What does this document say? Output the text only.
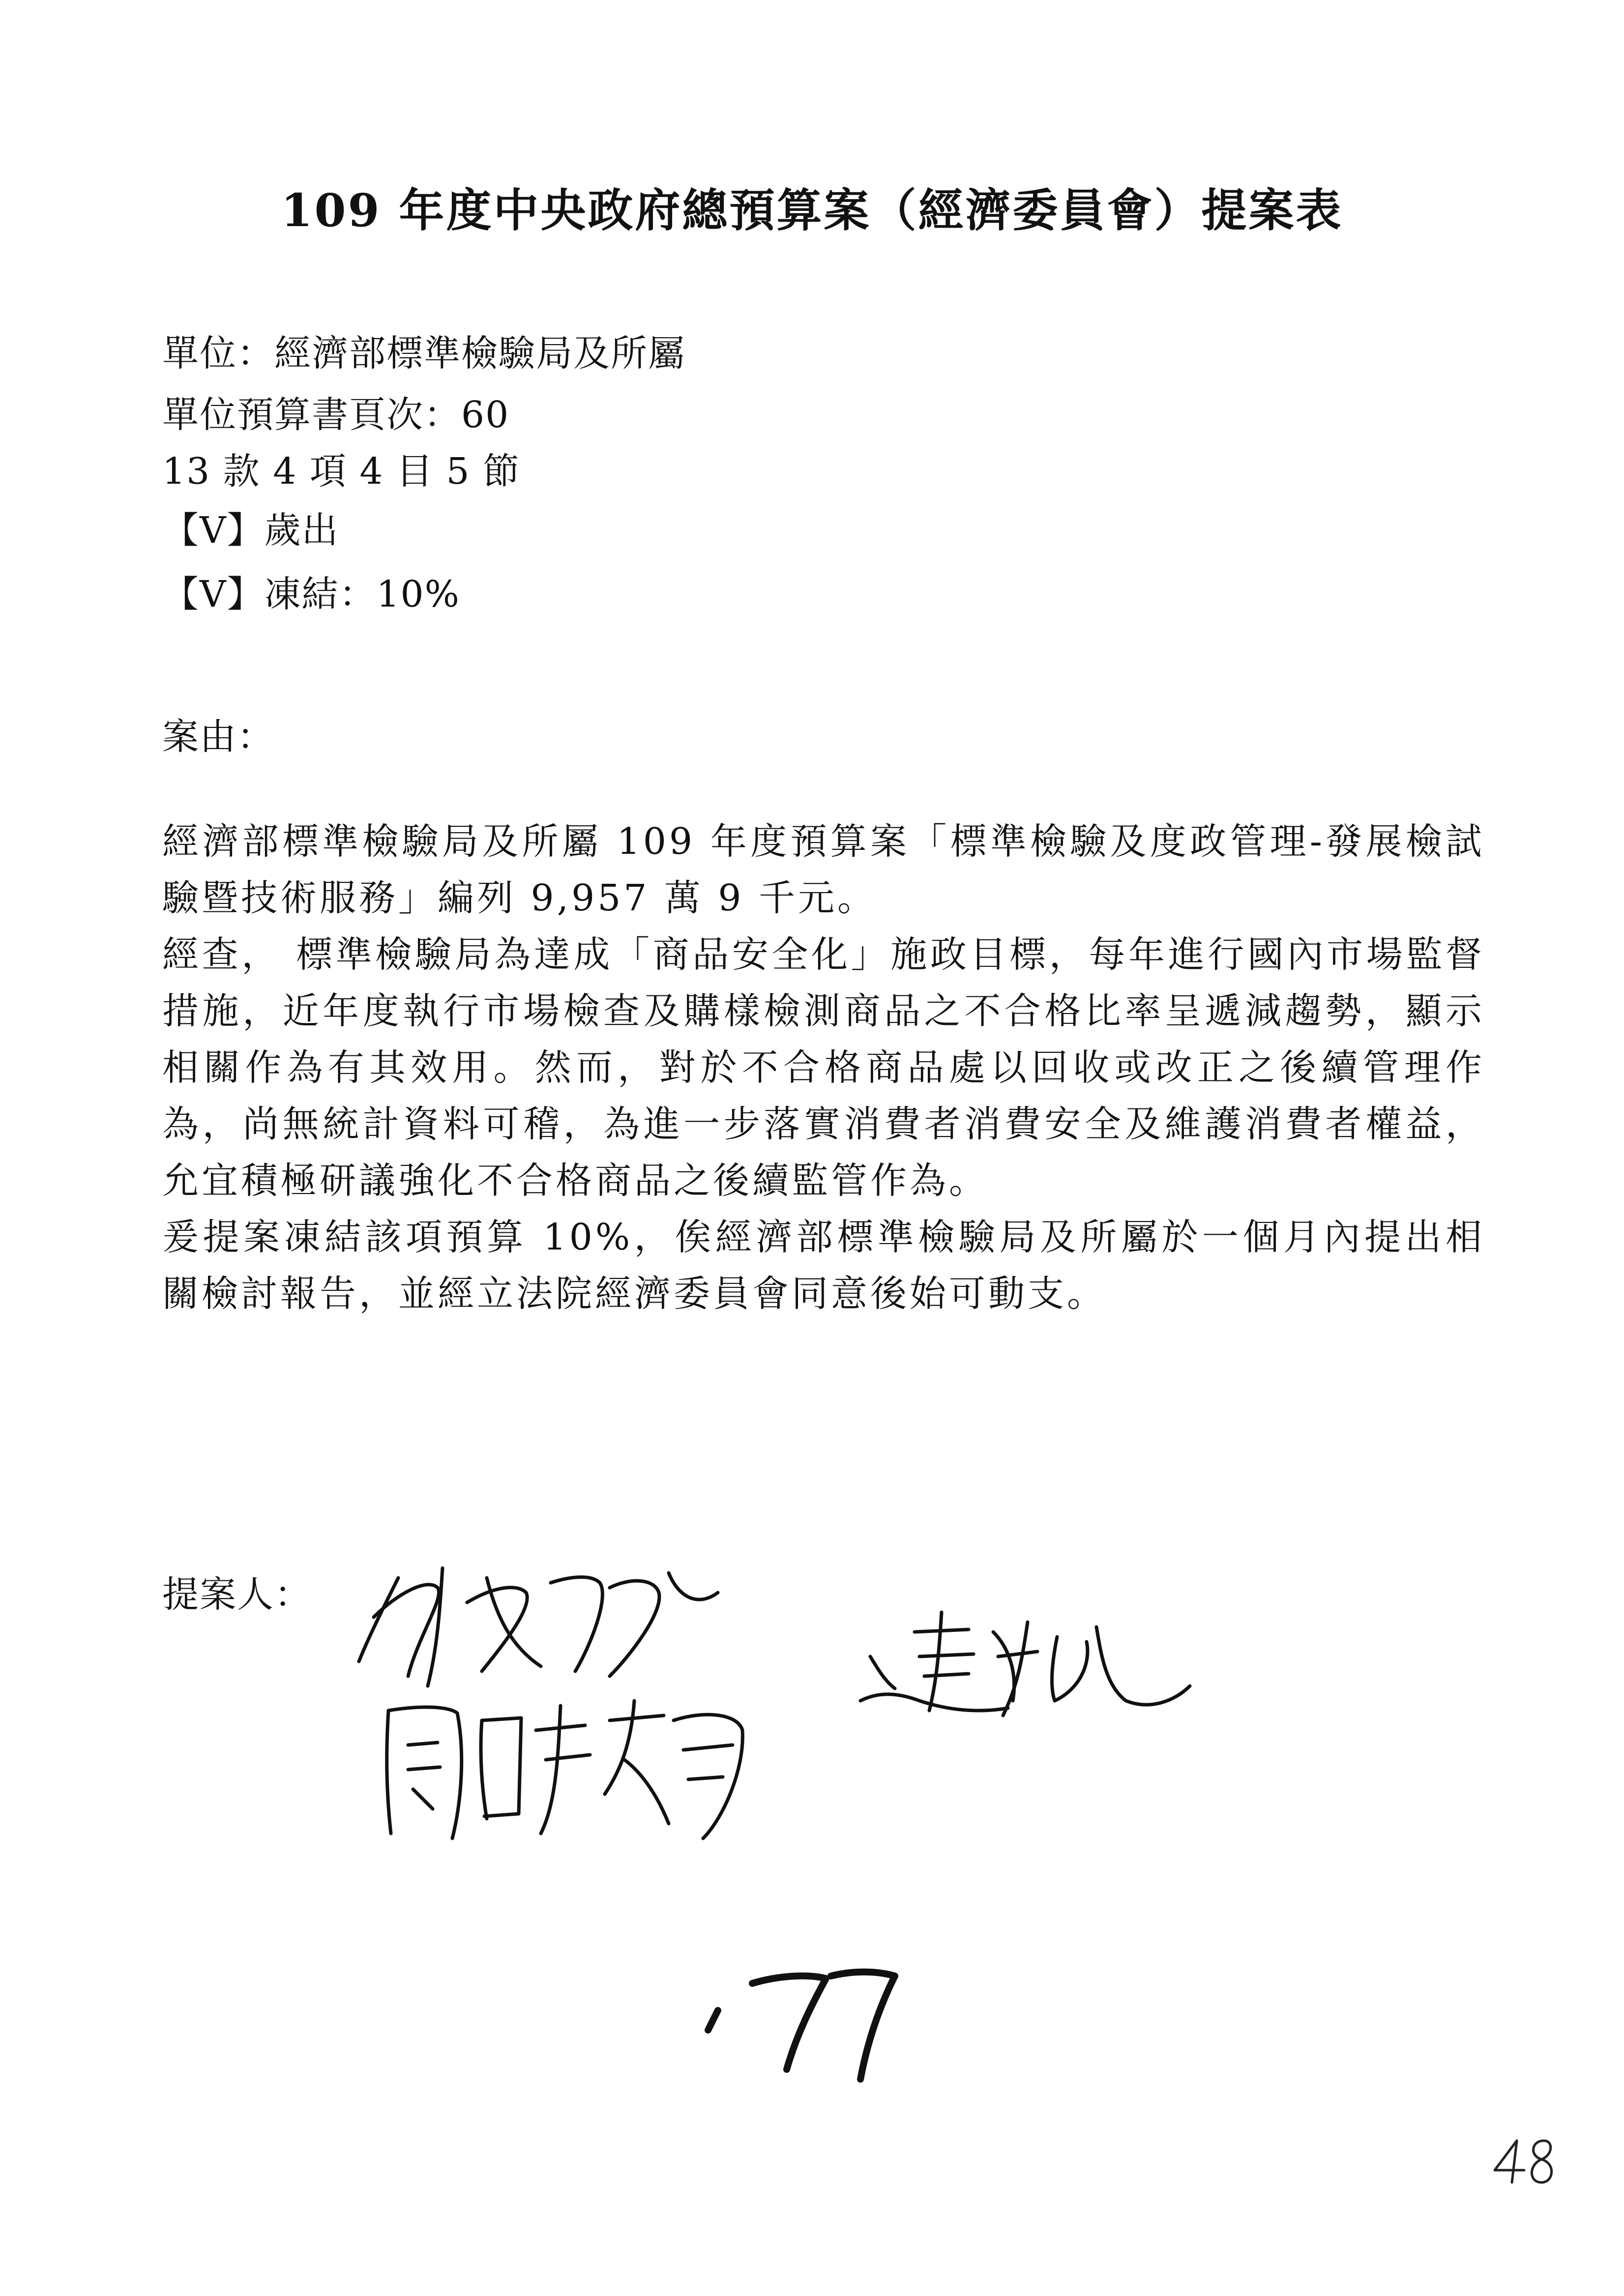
109 年度中央政府總預算案（經濟委員會）提案表
單位：經濟部標準檢驗局及所屬
單位預算書頁次：60
13 款 4 項 4 目 5 節
【V】歲出
【V】凍結：10%
案由：

經濟部標準檢驗局及所屬 109 年度預算案「標準檢驗及度政管理-發展檢試驗暨技術服務」編列 9,957 萬 9 千元。

經查， 標準檢驗局為達成「商品安全化」施政目標，每年進行國內市場監督措施，近年度執行市場檢查及購樣檢測商品之不合格比率呈遞減趨勢，顯示相關作為有其效用。然而，對於不合格商品處以回收或改正之後續管理作為，尚無統計資料可稽，為進一步落實消費者消費安全及維護消費者權益，允宜積極研議強化不合格商品之後續監管作為。

爰提案凍結該項預算 10%，俟經濟部標準檢驗局及所屬於一個月內提出相關檢討報告，並經立法院經濟委員會同意後始可動支。

提案人：
